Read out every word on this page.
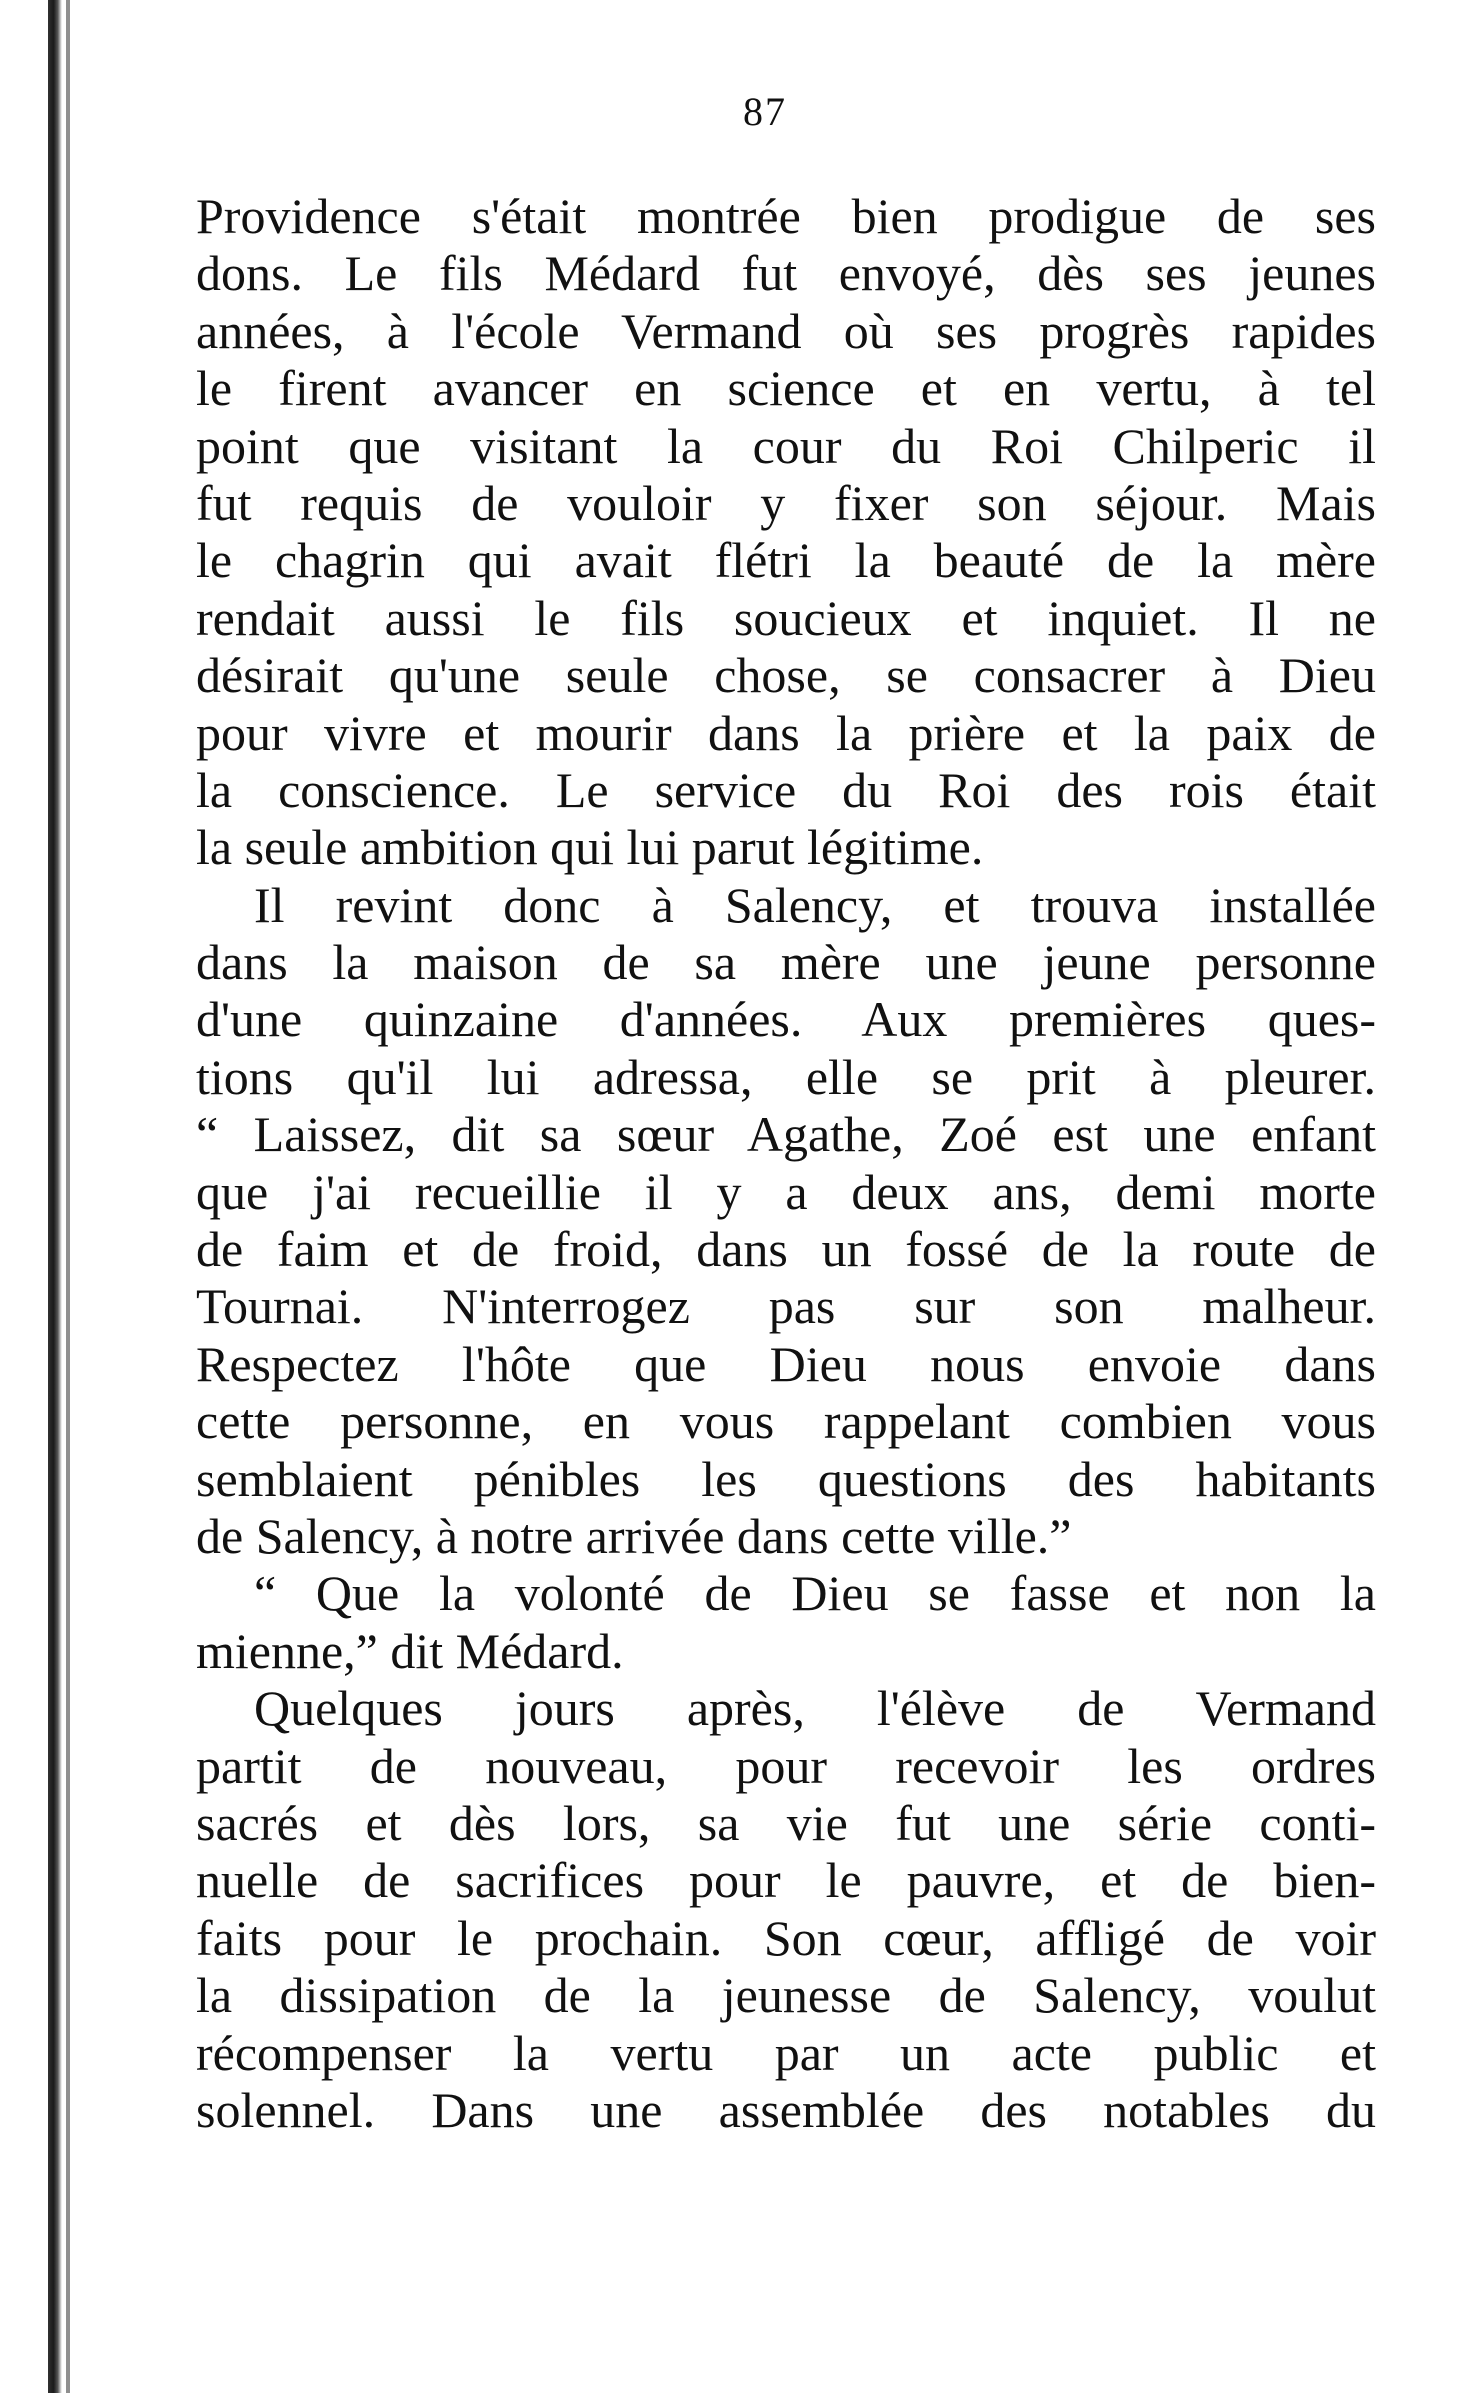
87
Providence s'était montrée bien prodigue de ses
dons. Le fils Médard fut envoyé, dès ses jeunes
années, à l'école Vermand où ses progrès rapides
le firent avancer en science et en vertu, à tel
point que visitant la cour du Roi Chilperic il
fut requis de vouloir y fixer son séjour. Mais
le chagrin qui avait flétri la beauté de la mère
rendait aussi le fils soucieux et inquiet. Il ne
désirait qu'une seule chose, se consacrer à Dieu
pour vivre et mourir dans la prière et la paix de
la conscience. Le service du Roi des rois était
la seule ambition qui lui parut légitime.
Il revint donc à Salency, et trouva installée
dans la maison de sa mère une jeune personne
d'une quinzaine d'années. Aux premières ques-
tions qu'il lui adressa, elle se prit à pleurer.
“ Laissez, dit sa sœur Agathe, Zoé est une enfant
que j'ai recueillie il y a deux ans, demi morte
de faim et de froid, dans un fossé de la route de
Tournai. N'interrogez pas sur son malheur.
Respectez l'hôte que Dieu nous envoie dans
cette personne, en vous rappelant combien vous
semblaient pénibles les questions des habitants
de Salency, à notre arrivée dans cette ville.”
“ Que la volonté de Dieu se fasse et non la
mienne,” dit Médard.
Quelques jours après, l'élève de Vermand
partit de nouveau, pour recevoir les ordres
sacrés et dès lors, sa vie fut une série conti-
nuelle de sacrifices pour le pauvre, et de bien-
faits pour le prochain. Son cœur, affligé de voir
la dissipation de la jeunesse de Salency, voulut
récompenser la vertu par un acte public et
solennel. Dans une assemblée des notables du
